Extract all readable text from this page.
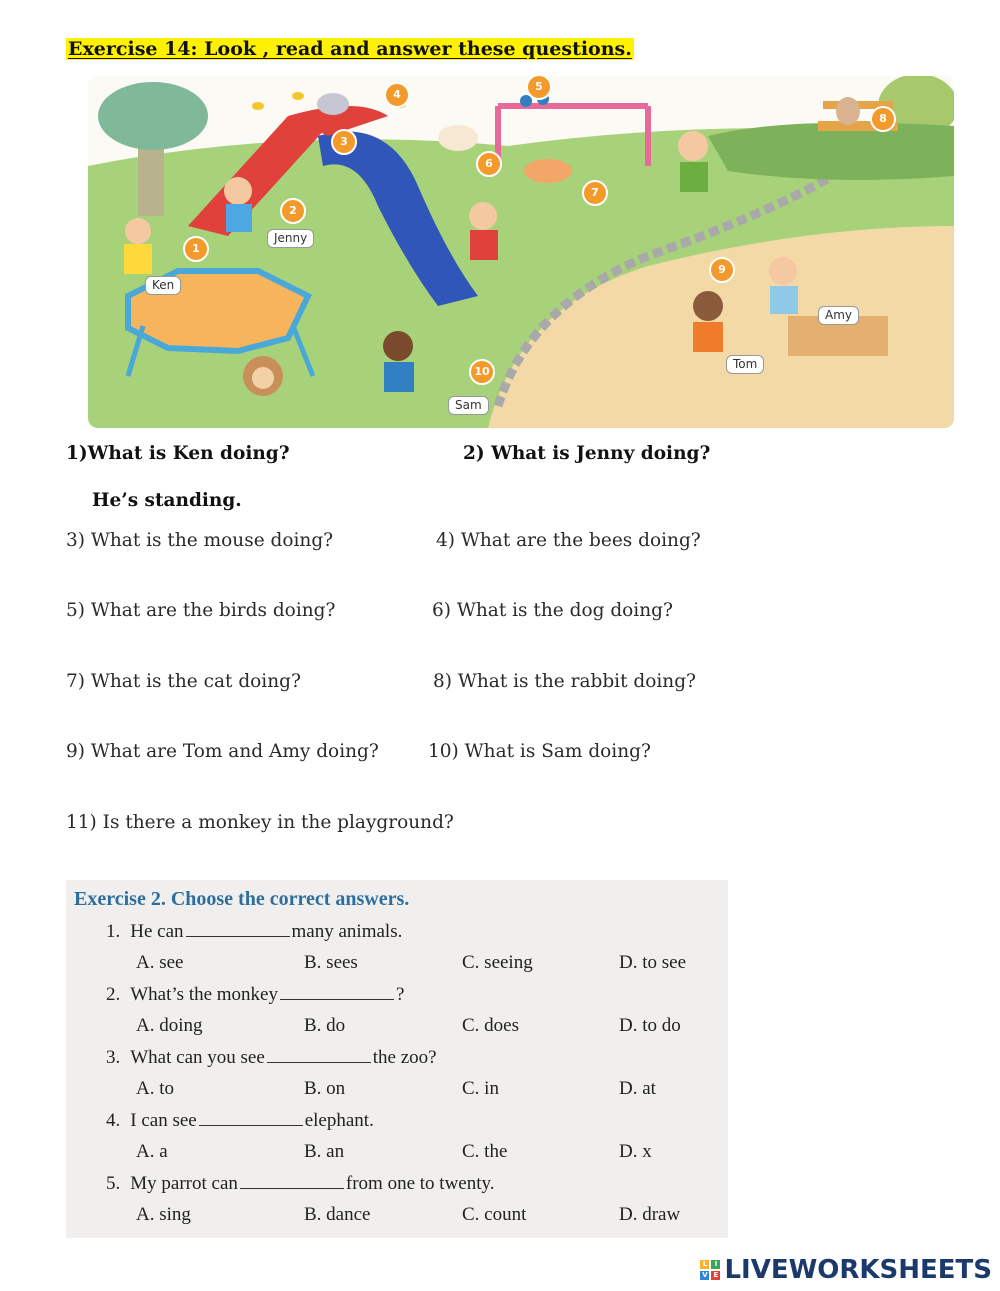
Exercise 14: Look , read and answer these questions.
Ken
Jenny
Amy
Tom
Sam
1
2
3
4
5
6
7
8
9
10
1)What is Ken doing?	2) What is Jenny doing?
He’s standing.
3) What is the mouse doing?	4) What are the bees doing?
5) What are the birds doing?	6) What is the dog doing?
7) What is the cat doing?	8) What is the rabbit doing?
9) What are Tom and Amy doing?	10) What is Sam doing?
11) Is there a monkey in the playground?
Exercise 2. Choose the correct answers.
1. He can	many animals.
A. see	B. sees	C. seeing	D. to see
2. What’s the monkey	?
A. doing	B. do	C. does	D. to do
3. What can you see	the zoo?
A. to	B. on	C. in	D. at
4. I can see	elephant.
A. a	B. an	C. the	D. x
5. My parrot can	from one to twenty.
A. sing	B. dance	C. count	D. draw
L	I
V E LIVEWORKSHEETS
